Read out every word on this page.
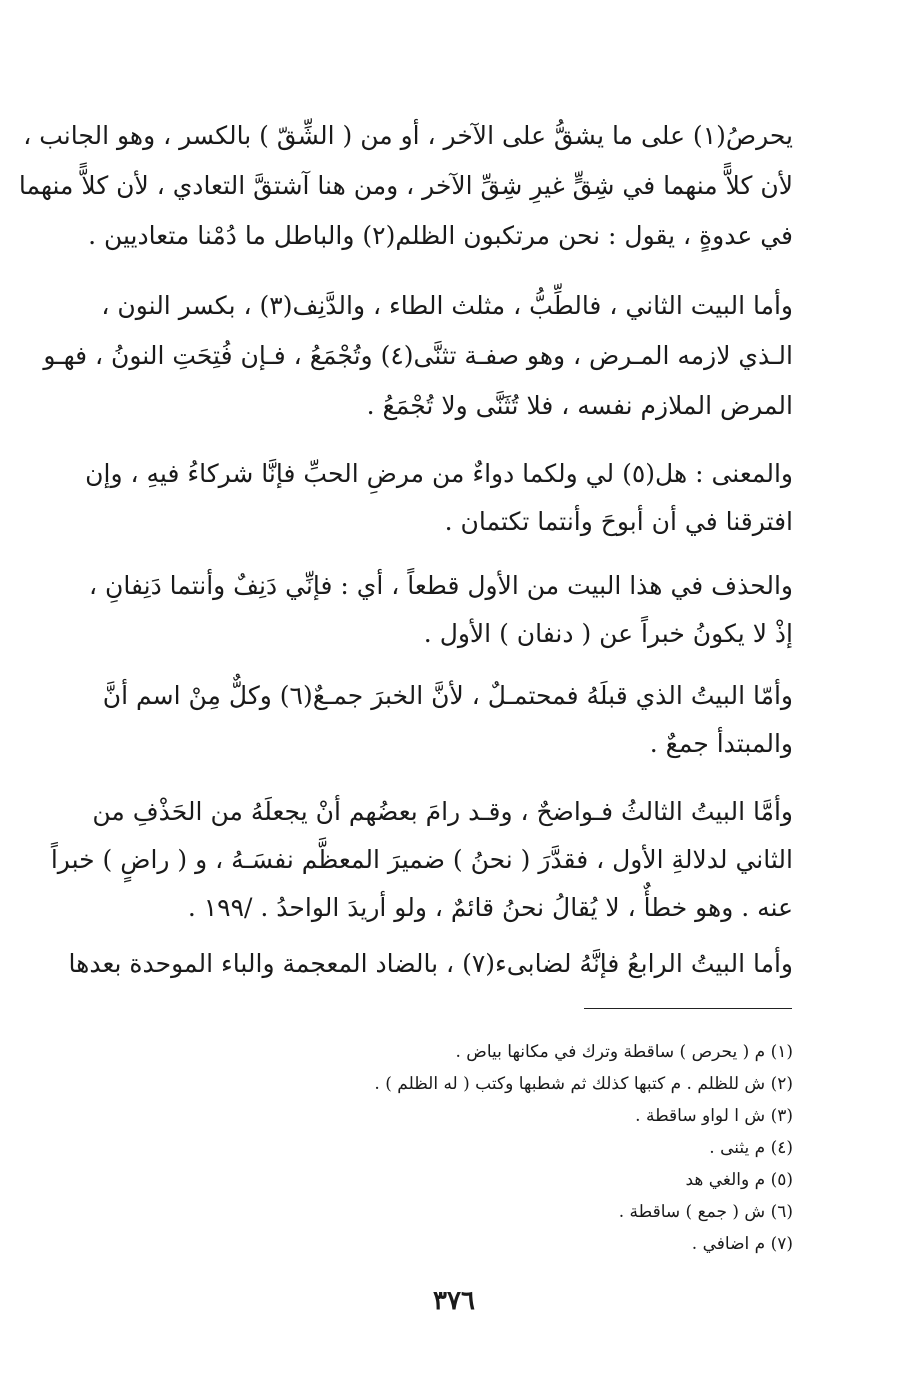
يحرصُ(١) على ما يشقُّ على الآخر ، أو من ( الشِّقّ ) بالكسر ، وهو الجانب ،
لأن كلاًّ منهما في شِقٍّ غيرِ شِقِّ الآخر ، ومن هنا آشتقَّ التعادي ، لأن كلاًّ منهما
في عدوةٍ ، يقول : نحن مرتكبون الظلم(٢) والباطل ما دُمْنا متعاديين .
وأما البيت الثاني ، فالطِّبُّ ، مثلث الطاء ، والدَّنِف(٣) ، بكسر النون ،
الـذي لازمه المـرض ، وهو صفـة تثنَّى(٤) وتُجْمَعُ ، فـإن فُتِحَتِ النونُ ، فهـو
المرض الملازم نفسه ، فلا تُثَنَّى ولا تُجْمَعُ .
والمعنى : هل(٥) لي ولكما دواءٌ من مرضِ الحبِّ فإنَّا شركاءُ فيهِ ، وإن
افترقنا في أن أبوحَ وأنتما تكتمان .
والحذف في هذا البيت من الأول قطعاً ، أي : فإنِّي دَنِفٌ وأنتما دَنِفانِ ،
إذْ لا يكونُ خبراً عن ( دنفان ) الأول .
وأمّا البيتُ الذي قبلَهُ فمحتمـلٌ ، لأنَّ الخبرَ جمـعٌ(٦) وكلٌّ مِنْ اسم أنَّ
والمبتدأ جمعٌ .
وأمَّا البيتُ الثالثُ فـواضحٌ ، وقـد رامَ بعضُهم أنْ يجعلَهُ من الحَذْفِ من
الثاني لدلالةِ الأول ، فقدَّرَ ( نحنُ ) ضميرَ المعظَّم نفسَـهُ ، و ( راضٍ ) خبراً
عنه . وهو خطأٌ ، لا يُقالُ نحنُ قائمٌ ، ولو أريدَ الواحدُ . /١٩٩ .
وأما البيتُ الرابعُ فإنَّهُ لضابىء(٧) ، بالضاد المعجمة والباء الموحدة بعدها
(١) م ( يحرص ) ساقطة وترك في مكانها بياض .
(٢) ش للظلم . م كتبها كذلك ثم شطبها وكتب ( له الظلم ) .
(٣) ش ا لواو ساقطة .
(٤) م يثنى .
(٥) م والغي هد
(٦) ش ( جمع ) ساقطة .
(٧) م اضافي .
٣٧٦
